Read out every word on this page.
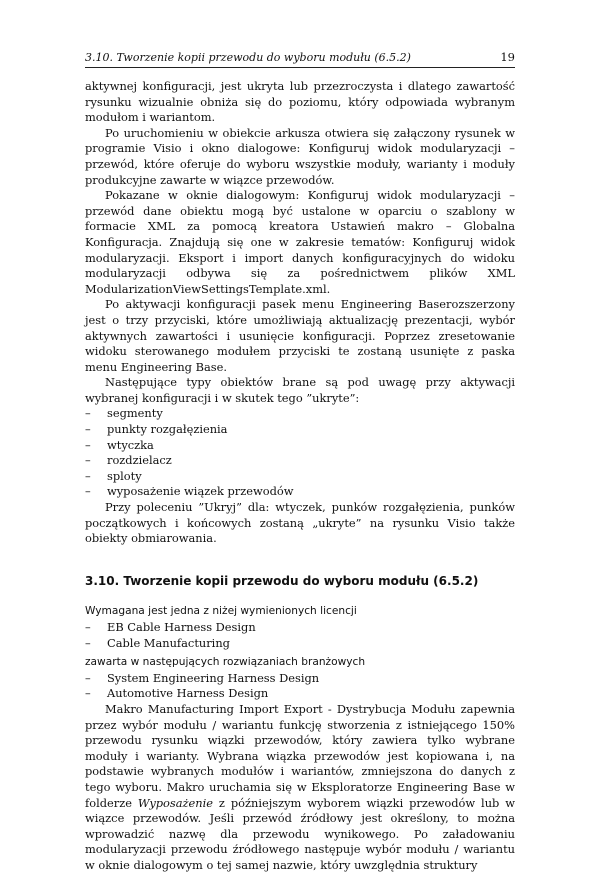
3.10. Tworzenie kopii przewodu do wyboru modułu (6.5.2)	19

aktywnej konfiguracji, jest ukryta lub przezroczysta i dlatego zawartość rysunku wizualnie obniża się do poziomu, który odpowiada wybranym modułom i wariantom.

Po uruchomieniu w obiekcie arkusza otwiera się załączony rysunek w programie Visio i okno dialogowe: Konfiguruj widok modularyzacji – przewód, które oferuje do wyboru wszystkie moduły, warianty i moduły produkcyjne zawarte w wiązce przewodów.

Pokazane w oknie dialogowym: Konfiguruj widok modularyzacji – przewód dane obiektu mogą być ustalone w oparciu o szablony w formacie XML za pomocą kreatora Ustawień makro – Globalna Konfiguracja. Znajdują się one w zakresie tematów: Konfiguruj widok modularyzacji. Eksport i import danych konfiguracyjnych do widoku modularyzacji odbywa się za pośrednictwem plików XML ModularizationViewSettingsTemplate.xml.

Po aktywacji konfiguracji pasek menu Engineering Baserozszerzony jest o trzy przyciski, które umożliwiają aktualizację prezentacji, wybór aktywnych zawartości i usunięcie konfiguracji. Poprzez zresetowanie widoku sterowanego modułem przyciski te zostaną usunięte z paska menu Engineering Base.

Następujące typy obiektów brane są pod uwagę przy aktywacji wybranej konfiguracji i w skutek tego ”ukryte”:

– segmenty
– punkty rozgałęzienia
– wtyczka
– rozdzielacz
– sploty
– wyposażenie wiązek przewodów

Przy poleceniu ”Ukryj” dla: wtyczek, punków rozgałęzienia, punków początkowych i końcowych zostaną „ukryte” na rysunku Visio także obiekty obmiarowania.

3.10. Tworzenie kopii przewodu do wyboru modułu (6.5.2)

Wymagana jest jedna z niżej wymienionych licencji

– EB Cable Harness Design
– Cable Manufacturing

zawarta w następujących rozwiązaniach branżowych

– System Engineering Harness Design
– Automotive Harness Design

Makro Manufacturing Import Export - Dystrybucja Modułu zapewnia przez wybór modułu / wariantu funkcję stworzenia z istniejącego 150% przewodu rysunku wiązki przewodów, który zawiera tylko wybrane moduły i warianty. Wybrana wiązka przewodów jest kopiowana i, na podstawie wybranych modułów i wariantów, zmniejszona do danych z tego wyboru. Makro uruchamia się w Eksploratorze Engineering Base w folderze Wyposażenie z późniejszym wyborem wiązki przewodów lub w wiązce przewodów. Jeśli przewód źródłowy jest określony, to można wprowadzić nazwę dla przewodu wynikowego. Po załadowaniu modularyzacji przewodu źródłowego następuje wybór modułu / wariantu w oknie dialogowym o tej samej nazwie, który uwzględnia struktury
